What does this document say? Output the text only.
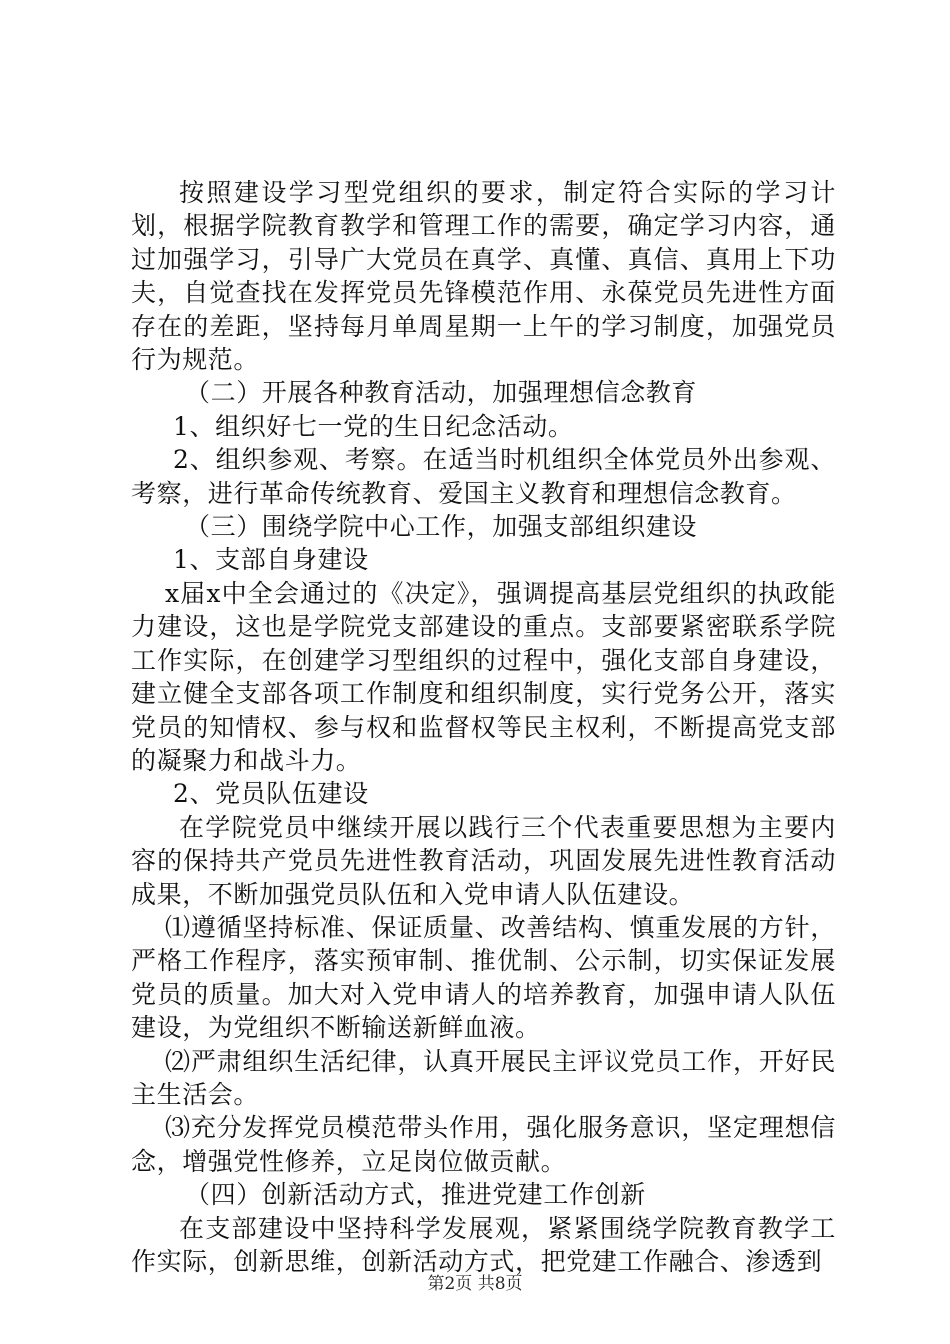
按照建设学习型党组织的要求，制定符合实际的学习计划，根据学院教育教学和管理工作的需要，确定学习内容，通过加强学习，引导广大党员在真学、真懂、真信、真用上下功夫，自觉查找在发挥党员先锋模范作用、永葆党员先进性方面存在的差距，坚持每月单周星期一上午的学习制度，加强党员行为规范。

（二）开展各种教育活动，加强理想信念教育

1、组织好七一党的生日纪念活动。

2、组织参观、考察。在适当时机组织全体党员外出参观、考察，进行革命传统教育、爱国主义教育和理想信念教育。

（三）围绕学院中心工作，加强支部组织建设

1、支部自身建设

x届x中全会通过的《决定》，强调提高基层党组织的执政能力建设，这也是学院党支部建设的重点。支部要紧密联系学院工作实际，在创建学习型组织的过程中，强化支部自身建设，建立健全支部各项工作制度和组织制度，实行党务公开，落实党员的知情权、参与权和监督权等民主权利，不断提高党支部的凝聚力和战斗力。

2、党员队伍建设

在学院党员中继续开展以践行三个代表重要思想为主要内容的保持共产党员先进性教育活动，巩固发展先进性教育活动成果，不断加强党员队伍和入党申请人队伍建设。

⑴遵循坚持标准、保证质量、改善结构、慎重发展的方针，严格工作程序，落实预审制、推优制、公示制，切实保证发展党员的质量。加大对入党申请人的培养教育，加强申请人队伍建设，为党组织不断输送新鲜血液。

⑵严肃组织生活纪律，认真开展民主评议党员工作，开好民主生活会。

⑶充分发挥党员模范带头作用，强化服务意识，坚定理想信念，增强党性修养，立足岗位做贡献。

（四）创新活动方式，推进党建工作创新

在支部建设中坚持科学发展观，紧紧围绕学院教育教学工作实际，创新思维，创新活动方式，把党建工作融合、渗透到

第2页 共8页
